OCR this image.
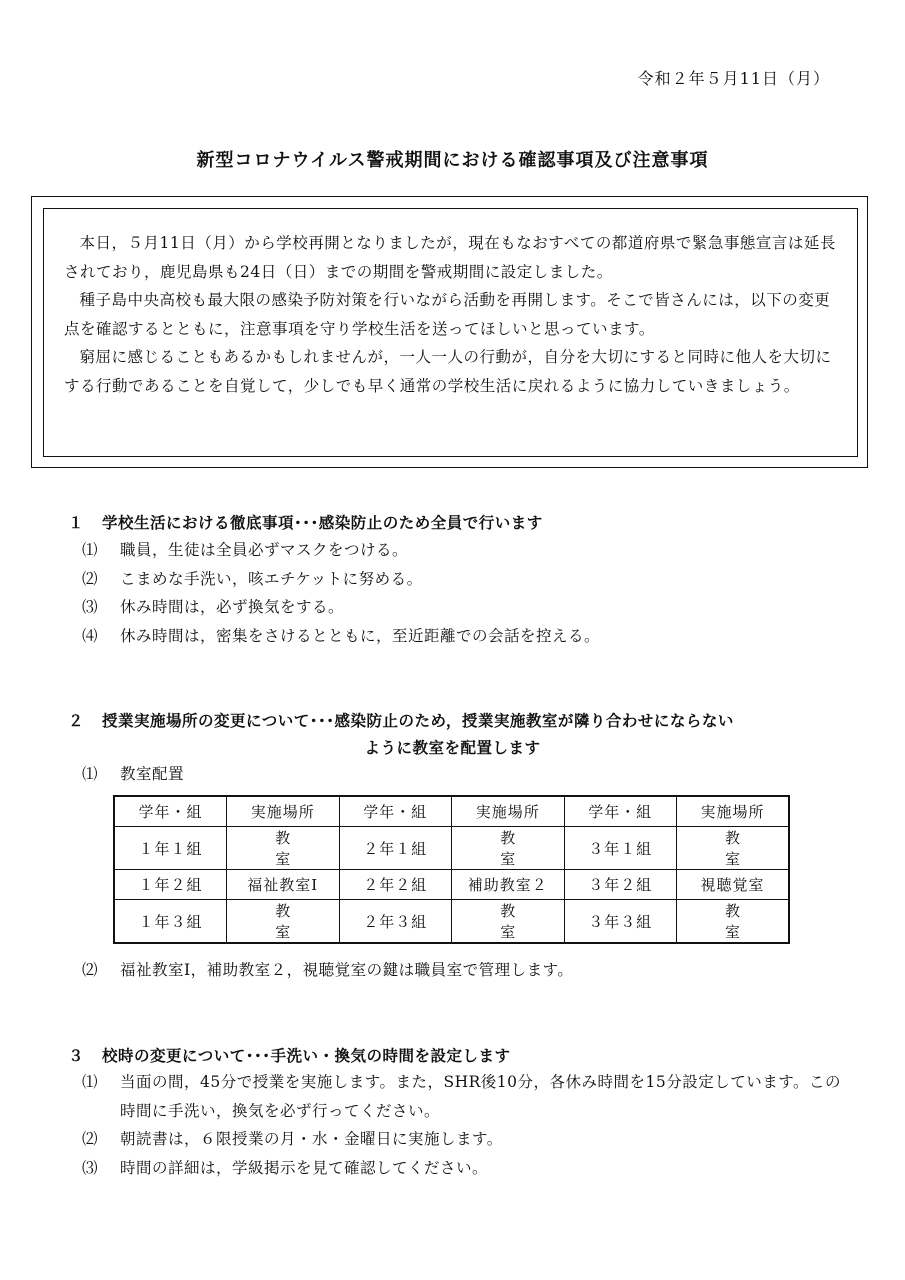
令和２年５月11日（月）
新型コロナウイルス警戒期間における確認事項及び注意事項

本日，５月11日（月）から学校再開となりましたが，現在もなおすべての都道府県で緊急事態宣言は延長されており，鹿児島県も24日（日）までの期間を警戒期間に設定しました。

種子島中央高校も最大限の感染予防対策を行いながら活動を再開します。そこで皆さんには，以下の変更点を確認するとともに，注意事項を守り学校生活を送ってほしいと思っています。

窮屈に感じることもあるかもしれませんが，一人一人の行動が，自分を大切にすると同時に他人を大切にする行動であることを自覚して，少しでも早く通常の学校生活に戻れるように協力していきましょう。

１ 学校生活における徹底事項･･･感染防止のため全員で行います
⑴	職員，生徒は全員必ずマスクをつける。
⑵	こまめな手洗い，咳エチケットに努める。
⑶	休み時間は，必ず換気をする。
⑷	休み時間は，密集をさけるとともに，至近距離での会話を控える。
２ 授業実施場所の変更について･･･感染防止のため，授業実施教室が隣り合わせにならない
ように教室を配置します
⑴	教室配置
学年・組	実施場所	学年・組	実施場所	学年・組	実施場所
１年１組	教室	２年１組	教室	３年１組	教室
１年２組	福祉教室Ⅰ	２年２組	補助教室２	３年２組	視聴覚室
１年３組	教室	２年３組	教室	３年３組	教室
⑵	福祉教室Ⅰ，補助教室２，視聴覚室の鍵は職員室で管理します。
３ 校時の変更について･･･手洗い・換気の時間を設定します
⑴	当面の間，45分で授業を実施します。また，SHR後10分，各休み時間を15分設定しています。この時間に手洗い，換気を必ず行ってください。
⑵	朝読書は，６限授業の月・水・金曜日に実施します。
⑶	時間の詳細は，学級掲示を見て確認してください。
